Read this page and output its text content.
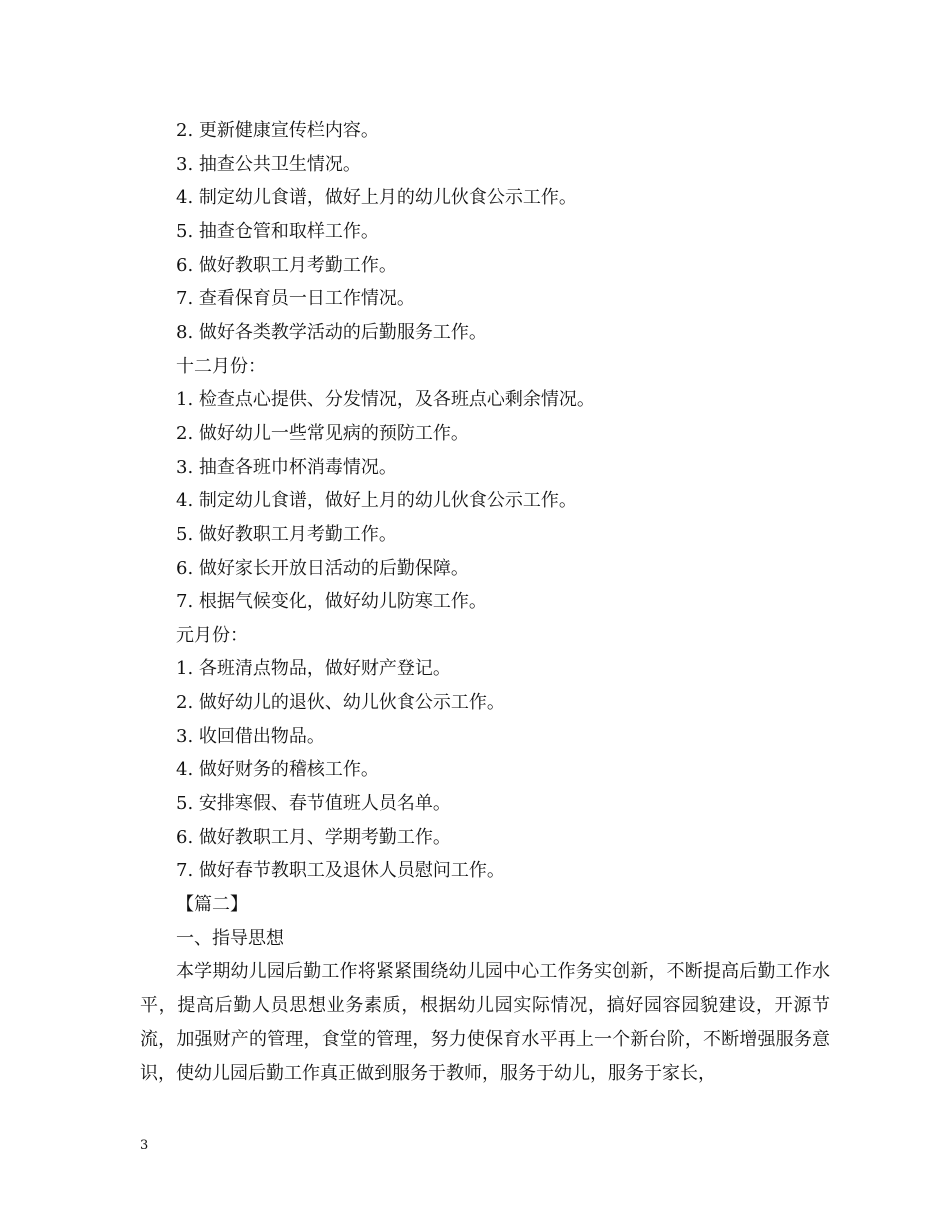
2. 更新健康宣传栏内容。
3. 抽查公共卫生情况。
4. 制定幼儿食谱，做好上月的幼儿伙食公示工作。
5. 抽查仓管和取样工作。
6. 做好教职工月考勤工作。
7. 查看保育员一日工作情况。
8. 做好各类教学活动的后勤服务工作。
十二月份：
1. 检查点心提供、分发情况，及各班点心剩余情况。
2. 做好幼儿一些常见病的预防工作。
3. 抽查各班巾杯消毒情况。
4. 制定幼儿食谱，做好上月的幼儿伙食公示工作。
5. 做好教职工月考勤工作。
6. 做好家长开放日活动的后勤保障。
7. 根据气候变化，做好幼儿防寒工作。
元月份：
1. 各班清点物品，做好财产登记。
2. 做好幼儿的退伙、幼儿伙食公示工作。
3. 收回借出物品。
4. 做好财务的稽核工作。
5. 安排寒假、春节值班人员名单。
6. 做好教职工月、学期考勤工作。
7. 做好春节教职工及退休人员慰问工作。
【篇二】
一、指导思想
本学期幼儿园后勤工作将紧紧围绕幼儿园中心工作务实创新，不断提高后勤工作水平，提高后勤人员思想业务素质，根据幼儿园实际情况，搞好园容园貌建设，开源节流，加强财产的管理，食堂的管理，努力使保育水平再上一个新台阶，不断增强服务意识，使幼儿园后勤工作真正做到服务于教师，服务于幼儿，服务于家长，
3
